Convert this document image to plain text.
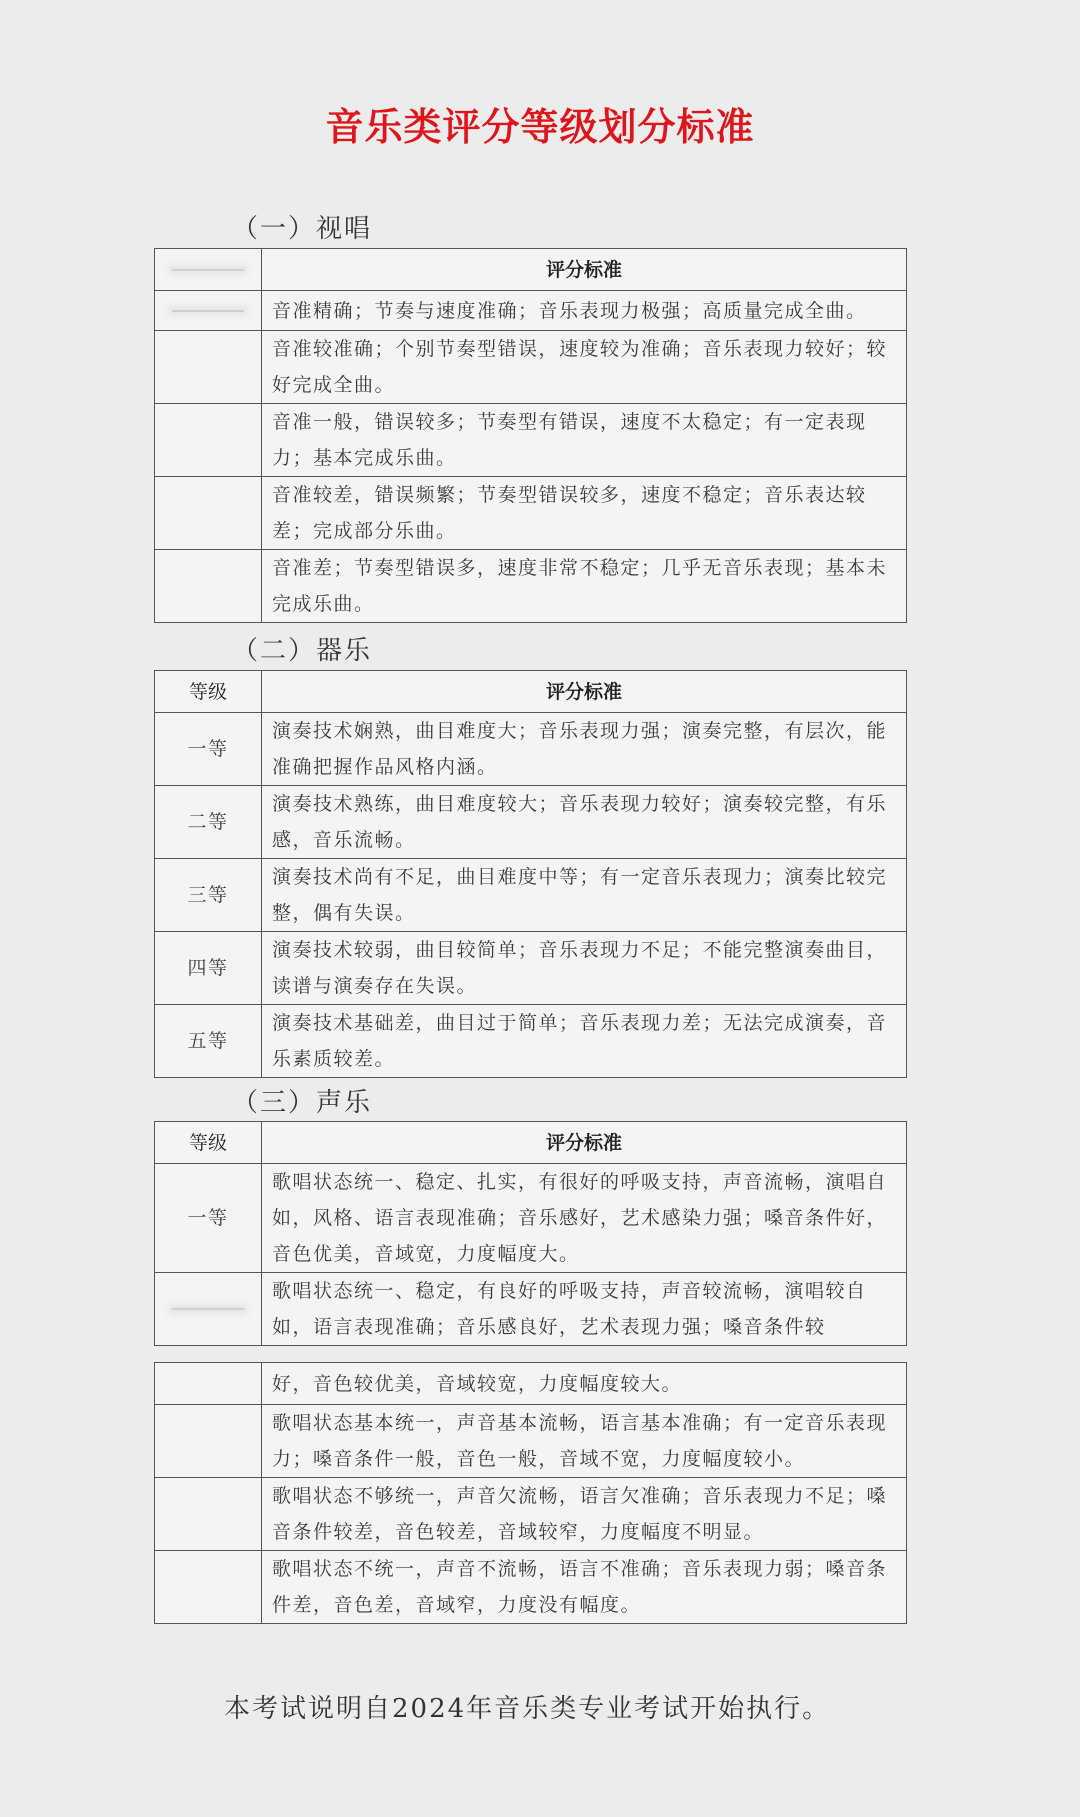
音乐类评分等级划分标准
（一）视唱
	评分标准

	音准精确；节奏与速度准确；音乐表现力极强；高质量完成全曲。
	音准较准确；个别节奏型错误，速度较为准确；音乐表现力较好；较好完成全曲。
	音准一般，错误较多；节奏型有错误，速度不太稳定；有一定表现力；基本完成乐曲。
	音准较差，错误频繁；节奏型错误较多，速度不稳定；音乐表达较差；完成部分乐曲。
	音准差；节奏型错误多，速度非常不稳定；几乎无音乐表现；基本未完成乐曲。
（二）器乐
等级	评分标准
一等	演奏技术娴熟，曲目难度大；音乐表现力强；演奏完整，有层次，能准确把握作品风格内涵。
二等	演奏技术熟练，曲目难度较大；音乐表现力较好；演奏较完整，有乐感，音乐流畅。
三等	演奏技术尚有不足，曲目难度中等；有一定音乐表现力；演奏比较完整，偶有失误。
四等	演奏技术较弱，曲目较简单；音乐表现力不足；不能完整演奏曲目，读谱与演奏存在失误。
五等	演奏技术基础差，曲目过于简单；音乐表现力差；无法完成演奏，音乐素质较差。
（三）声乐
等级	评分标准
一等	歌唱状态统一、稳定、扎实，有很好的呼吸支持，声音流畅，演唱自如，风格、语言表现准确；音乐感好，艺术感染力强；嗓音条件好，音色优美，音域宽，力度幅度大。

	歌唱状态统一、稳定，有良好的呼吸支持，声音较流畅，演唱较自如，语言表现准确；音乐感良好，艺术表现力强；嗓音条件较
	好，音色较优美，音域较宽，力度幅度较大。
	歌唱状态基本统一，声音基本流畅，语言基本准确；有一定音乐表现力；嗓音条件一般，音色一般，音域不宽，力度幅度较小。
	歌唱状态不够统一，声音欠流畅，语言欠准确；音乐表现力不足；嗓音条件较差，音色较差，音域较窄，力度幅度不明显。
	歌唱状态不统一，声音不流畅，语言不准确；音乐表现力弱；嗓音条件差，音色差，音域窄，力度没有幅度。
本考试说明自2024年音乐类专业考试开始执行。
